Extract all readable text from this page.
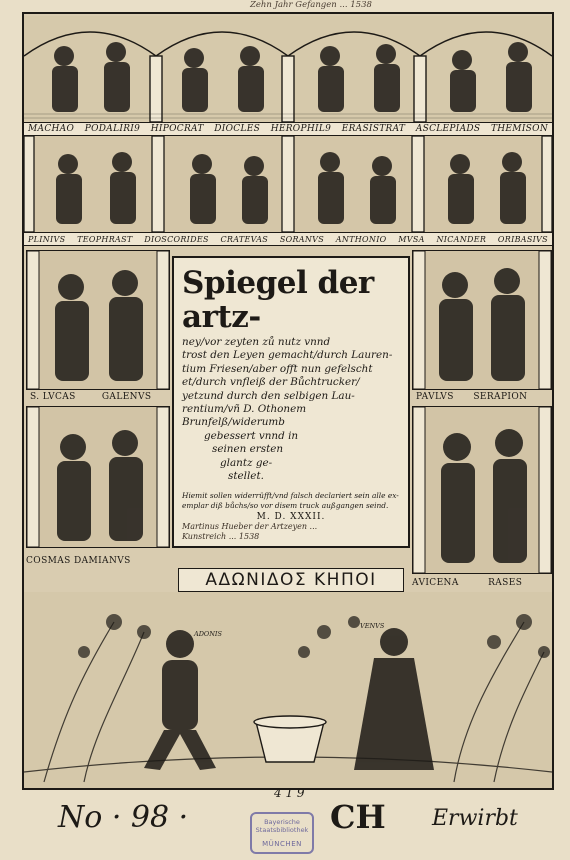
Zehn Jahr Gefangen ... 1538
MACHAO PODALIRI9 HIPOCRAT DIOCLES HEROPHIL9 ERASISTRAT ASCLEPIADS THEMISON
PLINIVS TEOPHRAST DIOSCORIDES CRATEVAS SORANVS ANTHONIO MVSA NICANDER ORIBASIVS
S. LVCAS	GALENVS
COSMAS DAMIANVS
Spiegel der artz-
ney/vor zeyten zů nutz vnnd
trost den Leyen gemacht/durch Lauren-
tium Friesen/aber offt nun gefelscht
et/durch vnfleiß der Bůchtrucker/
yetzund durch den selbigen Lau-
rentium/vñ D. Othonem
Brunfelß/widerumb
gebessert vnnd in
seinen ersten
glantz ge-
stellet.
Hiemit sollen widerrüfft/vnd falsch declariert sein alle ex-
emplar diß bůchs/so vor disem truck außgangen seind.
M. D. XXXII.
Martinus Hueber der Artzeyen ...
Kunstreich ... 1538
PAVLVS SERAPION
AVICENA	RASES
ADONIS
VENVS
ΑΔΩΝΙΔΟΣ ΚΗΠΟΙ
No · 98 ·
4 1 9
CH Erwirbt
Bayerische
Staatsbibliothek
MÜNCHEN
